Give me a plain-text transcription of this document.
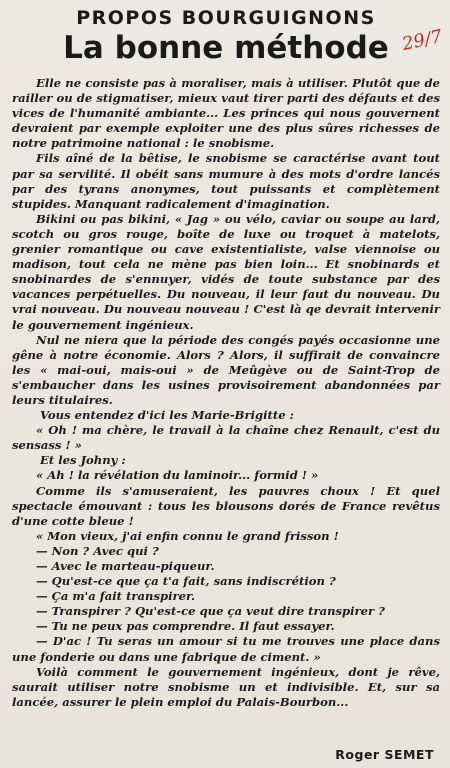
29/7
PROPOS BOURGUIGNONS
La bonne méthode

Elle ne consiste pas à moraliser, mais à utiliser. Plutôt que de railler ou de stigmatiser, mieux vaut tirer parti des défauts et des vices de l'humanité ambiante... Les princes qui nous gouvernent devraient par exemple exploiter une des plus sûres richesses de notre patrimoine national : le snobisme.

Fils aîné de la bêtise, le snobisme se caractérise avant tout par sa servilité. Il obéit sans mumure à des mots d'ordre lancés par des tyrans anonymes, tout puissants et complètement stupides. Manquant radicalement d'imagination.

Bikini ou pas bikini, « Jag » ou vélo, caviar ou soupe au lard, scotch ou gros rouge, boîte de luxe ou troquet à matelots, grenier romantique ou cave existentialiste, valse viennoise ou madison, tout cela ne mène pas bien loin... Et snobinards et snobinardes de s'ennuyer, vidés de toute substance par des vacances perpétuelles. Du nouveau, il leur faut du nouveau. Du vrai nouveau. Du nouveau nouveau ! C'est là qe devrait intervenir le gouvernement ingénieux.

Nul ne niera que la période des congés payés occasionne une gêne à notre économie. Alors ? Alors, il suffirait de convaincre les « mai-oui, mais-oui » de Meûgève ou de Saint-Trop de s'embaucher dans les usines provisoirement abandonnées par leurs titulaires.

Vous entendez d'ici les Marie-Brigitte :

« Oh ! ma chère, le travail à la chaîne chez Renault, c'est du sensass ! »

Et les Johny :

« Ah ! la révélation du laminoir... formid ! »

Comme ils s'amuseraient, les pauvres choux ! Et quel spectacle émouvant : tous les blousons dorés de France revêtus d'une cotte bleue !

« Mon vieux, j'ai enfin connu le grand frisson !

— Non ? Avec qui ?

— Avec le marteau-piqueur.

— Qu'est-ce que ça t'a fait, sans indiscrétion ?

— Ça m'a fait transpirer.

— Transpirer ? Qu'est-ce que ça veut dire transpirer ?

— Tu ne peux pas comprendre. Il faut essayer.

— D'ac ! Tu seras un amour si tu me trouves une place dans une fonderie ou dans une fabrique de ciment. »

Voilà comment le gouvernement ingénieux, dont je rêve, saurait utiliser notre snobisme un et indivisible. Et, sur sa lancée, assurer le plein emploi du Palais-Bourbon...

Roger SEMET
